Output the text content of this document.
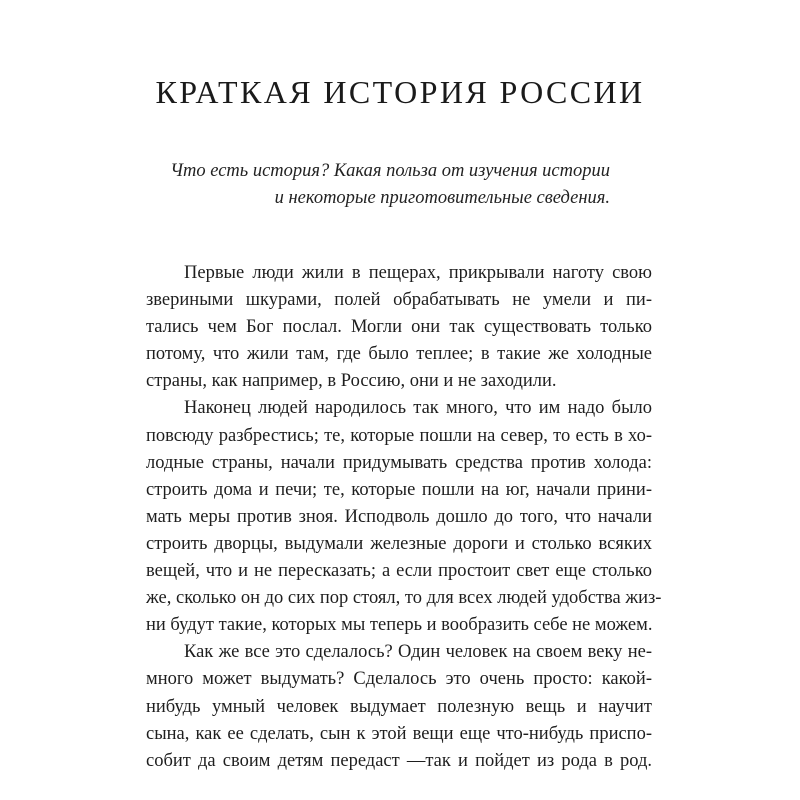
КРАТКАЯ ИСТОРИЯ РОССИИ
Что есть история? Какая польза от изучения истории
и некоторые приготовительные сведения.
Первые люди жили в пещерах, прикрывали наготу свою
звериными шкурами, полей обрабатывать не умели и пи-
тались чем Бог послал. Могли они так существовать только
потому, что жили там, где было теплее; в такие же холодные
страны, как например, в Россию, они и не заходили.
Наконец людей народилось так много, что им надо было
повсюду разбрестись; те, которые пошли на север, то есть в хо-
лодные страны, начали придумывать средства против холода:
строить дома и печи; те, которые пошли на юг, начали прини-
мать меры против зноя. Исподволь дошло до того, что начали
строить дворцы, выдумали железные дороги и столько всяких
вещей, что и не пересказать; а если простоит свет еще столько
же, сколько он до сих пор стоял, то для всех людей удобства жиз-
ни будут такие, которых мы теперь и вообразить себе не можем.
Как же все это сделалось? Один человек на своем веку не-
много может выдумать? Сделалось это очень просто: какой-
нибудь умный человек выдумает полезную вещь и научит
сына, как ее сделать, сын к этой вещи еще что-нибудь приспо-
собит да своим детям передаст —так и пойдет из рода в род.
